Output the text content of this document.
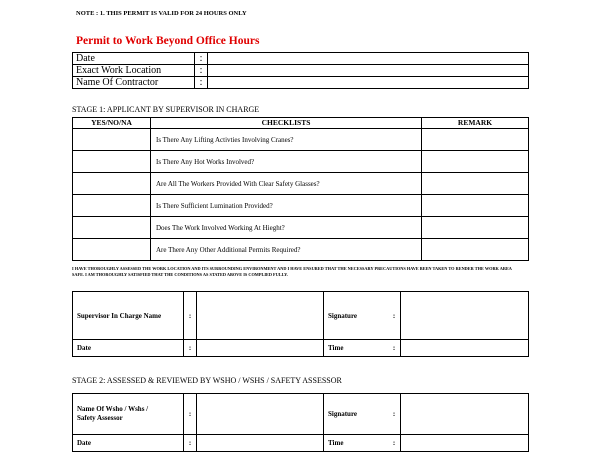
NOTE : 1. THIS PERMIT IS VALID FOR 24 HOURS ONLY
Permit to Work Beyond Office Hours
Date	:	
Exact Work Location	:	
Name Of Contractor	:	
STAGE 1: APPLICANT BY SUPERVISOR IN CHARGE
YES/NO/NA	CHECKLISTS	REMARK
	Is There Any Lifting Activties Involving Cranes?	
	Is There Any Hot Works Involved?	
	Are All The Workers Provided With Clear Safety Glasses?	
	Is There Sufficient Lumination Provided?	
	Does The Work Involved Working At Hieght?	
	Are There Any Other Additional Permits Required?	
I HAVE THOROUGHLY ASSESSED THE WORK LOCATION AND ITS SURROUNDING ENVIRONMENT AND I HAVE ENSURED THAT THE NECESSARY PRECAUTIONS HAVE BEEN TAKEN TO RENDER THE WORK AREA SAFE. I AM THOROUGHLY SATISFIED THAT THE CONDITIONS AS STATED ABOVE IS COMPLIED FULLY.
Supervisor In Charge Name	:		Signature	:	
Date	:		Time	:	
STAGE 2: ASSESSED & REVIEWED BY WSHO / WSHS / SAFETY ASSESSOR
Name Of Wsho / Wshs /
Safety Assessor	:		Signature	:	
Date	:		Time	:	
